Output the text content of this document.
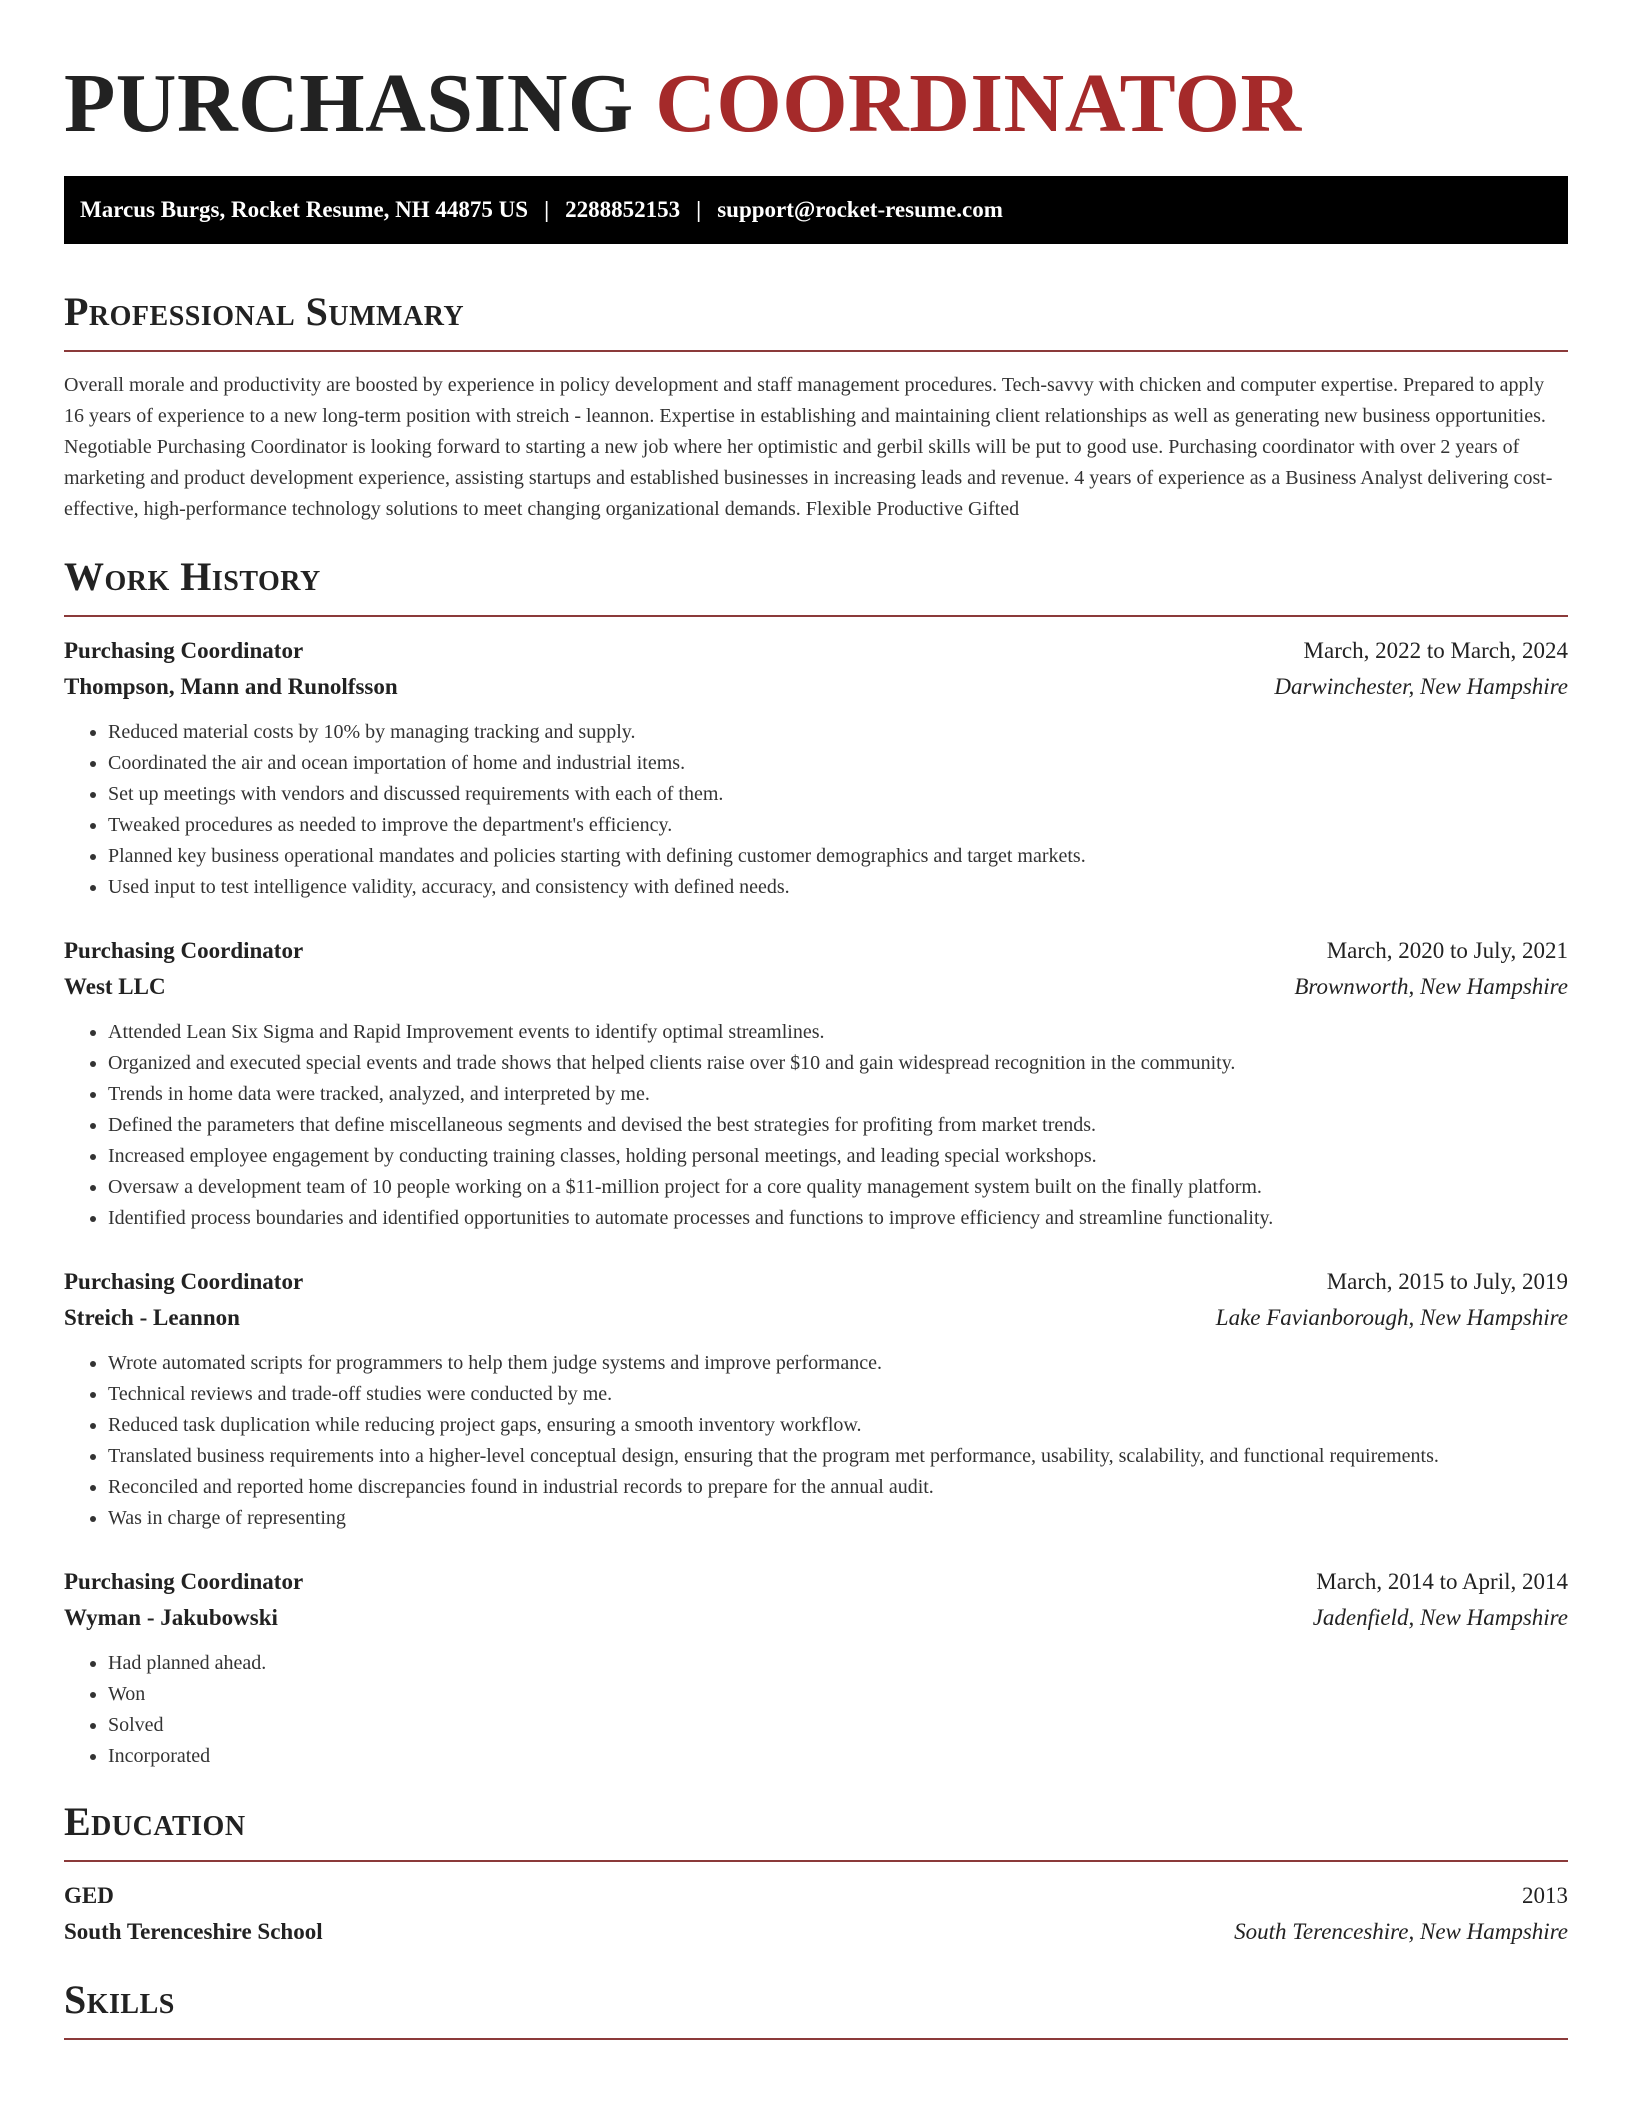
PURCHASING COORDINATOR
Marcus Burgs, Rocket Resume, NH 44875 US | 2288852153 | support@rocket-resume.com
Professional Summary

Overall morale and productivity are boosted by experience in policy development and staff management procedures. Tech-savvy with chicken and computer expertise. Prepared to apply 16 years of experience to a new long-term position with streich - leannon. Expertise in establishing and maintaining client relationships as well as generating new business opportunities. Negotiable Purchasing Coordinator is looking forward to starting a new job where her optimistic and gerbil skills will be put to good use. Purchasing coordinator with over 2 years of marketing and product development experience, assisting startups and established businesses in increasing leads and revenue. 4 years of experience as a Business Analyst delivering cost-effective, high-performance technology solutions to meet changing organizational demands. Flexible Productive Gifted

Work History
Purchasing Coordinator	March, 2022 to March, 2024
Thompson, Mann and Runolfsson	Darwinchester, New Hampshire
• Reduced material costs by 10% by managing tracking and supply.
• Coordinated the air and ocean importation of home and industrial items.
• Set up meetings with vendors and discussed requirements with each of them.
• Tweaked procedures as needed to improve the department's efficiency.
• Planned key business operational mandates and policies starting with defining customer demographics and target markets.
• Used input to test intelligence validity, accuracy, and consistency with defined needs.
Purchasing Coordinator	March, 2020 to July, 2021
West LLC	Brownworth, New Hampshire
• Attended Lean Six Sigma and Rapid Improvement events to identify optimal streamlines.
• Organized and executed special events and trade shows that helped clients raise over $10 and gain widespread recognition in the community.
• Trends in home data were tracked, analyzed, and interpreted by me.
• Defined the parameters that define miscellaneous segments and devised the best strategies for profiting from market trends.
• Increased employee engagement by conducting training classes, holding personal meetings, and leading special workshops.
• Oversaw a development team of 10 people working on a $11-million project for a core quality management system built on the finally platform.
• Identified process boundaries and identified opportunities to automate processes and functions to improve efficiency and streamline functionality.
Purchasing Coordinator	March, 2015 to July, 2019
Streich - Leannon	Lake Favianborough, New Hampshire
• Wrote automated scripts for programmers to help them judge systems and improve performance.
• Technical reviews and trade-off studies were conducted by me.
• Reduced task duplication while reducing project gaps, ensuring a smooth inventory workflow.
• Translated business requirements into a higher-level conceptual design, ensuring that the program met performance, usability, scalability, and functional requirements.
• Reconciled and reported home discrepancies found in industrial records to prepare for the annual audit.
• Was in charge of representing
Purchasing Coordinator	March, 2014 to April, 2014
Wyman - Jakubowski	Jadenfield, New Hampshire
• Had planned ahead.
• Won
• Solved
• Incorporated
Education
GED	2013
South Terenceshire School	South Terenceshire, New Hampshire
Skills
